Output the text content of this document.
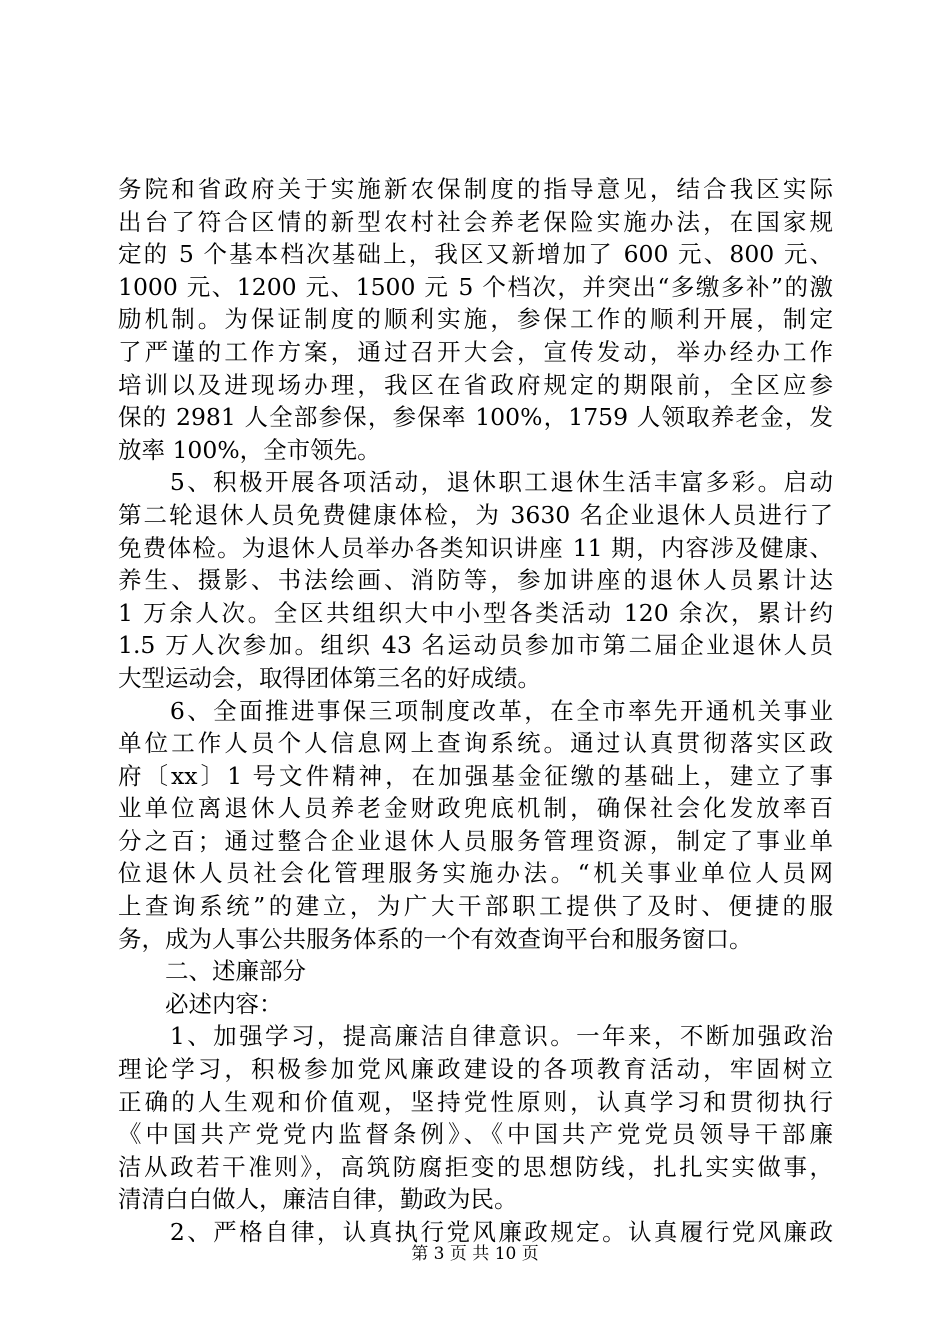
务院和省政府关于实施新农保制度的指导意见，结合我区实际
出台了符合区情的新型农村社会养老保险实施办法，在国家规
定的 5 个基本档次基础上，我区又新增加了 600 元、800 元、
1000 元、1200 元、1500 元 5 个档次，并突出“多缴多补”的激
励机制。为保证制度的顺利实施，参保工作的顺利开展，制定
了严谨的工作方案，通过召开大会，宣传发动，举办经办工作
培训以及进现场办理，我区在省政府规定的期限前，全区应参
保的 2981 人全部参保，参保率 100%，1759 人领取养老金，发
放率 100%，全市领先。
　　5、积极开展各项活动，退休职工退休生活丰富多彩。启动
第二轮退休人员免费健康体检，为 3630 名企业退休人员进行了
免费体检。为退休人员举办各类知识讲座 11 期，内容涉及健康、
养生、摄影、书法绘画、消防等，参加讲座的退休人员累计达
1 万余人次。全区共组织大中小型各类活动 120 余次，累计约
1.5 万人次参加。组织 43 名运动员参加市第二届企业退休人员
大型运动会，取得团体第三名的好成绩。
　　6、全面推进事保三项制度改革，在全市率先开通机关事业
单位工作人员个人信息网上查询系统。通过认真贯彻落实区政
府〔xx〕1 号文件精神，在加强基金征缴的基础上，建立了事
业单位离退休人员养老金财政兜底机制，确保社会化发放率百
分之百；通过整合企业退休人员服务管理资源，制定了事业单
位退休人员社会化管理服务实施办法。“机关事业单位人员网
上查询系统”的建立，为广大干部职工提供了及时、便捷的服
务，成为人事公共服务体系的一个有效查询平台和服务窗口。
　　二、述廉部分
　　必述内容：
　　1、加强学习，提高廉洁自律意识。一年来，不断加强政治
理论学习，积极参加党风廉政建设的各项教育活动，牢固树立
正确的人生观和价值观，坚持党性原则，认真学习和贯彻执行
《中国共产党党内监督条例》、《中国共产党党员领导干部廉
洁从政若干准则》，高筑防腐拒变的思想防线，扎扎实实做事，
清清白白做人，廉洁自律，勤政为民。
　　2、严格自律，认真执行党风廉政规定。认真履行党风廉政
第 3 页 共 10 页
